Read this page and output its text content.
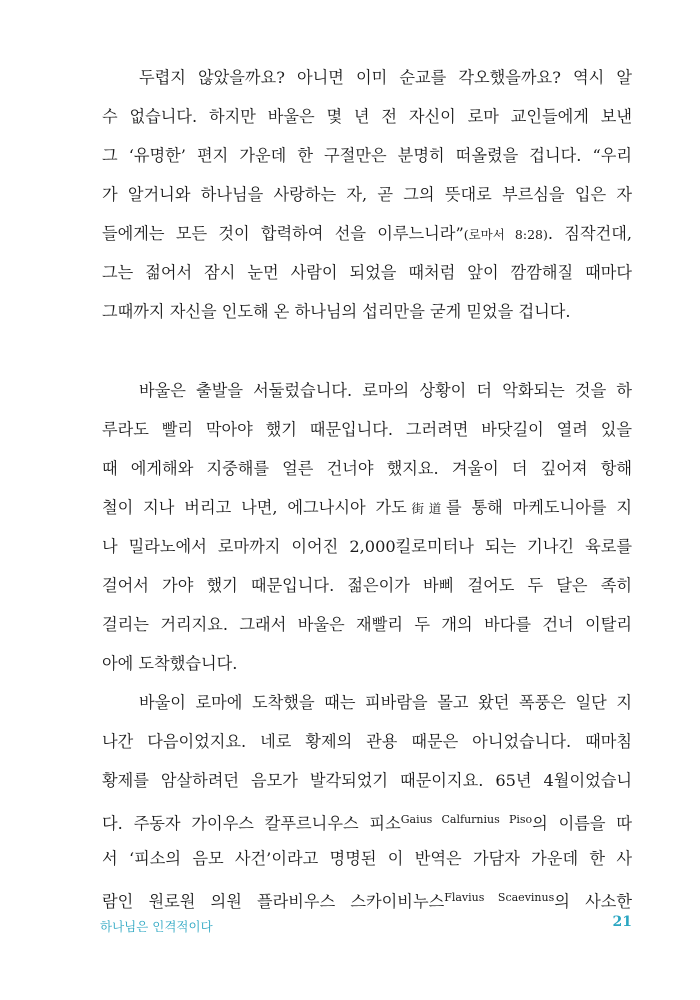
두렵지 않았을까요? 아니면 이미 순교를 각오했을까요? 역시 알
수 없습니다. 하지만 바울은 몇 년 전 자신이 로마 교인들에게 보낸
그 ‘유명한’ 편지 가운데 한 구절만은 분명히 떠올렸을 겁니다. “우리
가 알거니와 하나님을 사랑하는 자, 곧 그의 뜻대로 부르심을 입은 자
들에게는 모든 것이 합력하여 선을 이루느니라”(로마서 8:28). 짐작건대,
그는 젊어서 잠시 눈먼 사람이 되었을 때처럼 앞이 깜깜해질 때마다
그때까지 자신을 인도해 온 하나님의 섭리만을 굳게 믿었을 겁니다.
바울은 출발을 서둘렀습니다. 로마의 상황이 더 악화되는 것을 하
루라도 빨리 막아야 했기 때문입니다. 그러려면 바닷길이 열려 있을
때 에게해와 지중해를 얼른 건너야 했지요. 겨울이 더 깊어져 항해
철이 지나 버리고 나면, 에그나시아 가도街道를 통해 마케도니아를 지
나 밀라노에서 로마까지 이어진 2,000킬로미터나 되는 기나긴 육로를
걸어서 가야 했기 때문입니다. 젊은이가 바삐 걸어도 두 달은 족히
걸리는 거리지요. 그래서 바울은 재빨리 두 개의 바다를 건너 이탈리
아에 도착했습니다.
바울이 로마에 도착했을 때는 피바람을 몰고 왔던 폭풍은 일단 지
나간 다음이었지요. 네로 황제의 관용 때문은 아니었습니다. 때마침
황제를 암살하려던 음모가 발각되었기 때문이지요. 65년 4월이었습니
다. 주동자 가이우스 칼푸르니우스 피소$^{Gaius Calfurnius Piso}$의 이름을 따
서 ‘피소의 음모 사건’이라고 명명된 이 반역은 가담자 가운데 한 사
람인 원로원 의원 플라비우스 스카이비누스$^{Flavius Scaevinus}$의 사소한
하나님은 인격적이다	21
